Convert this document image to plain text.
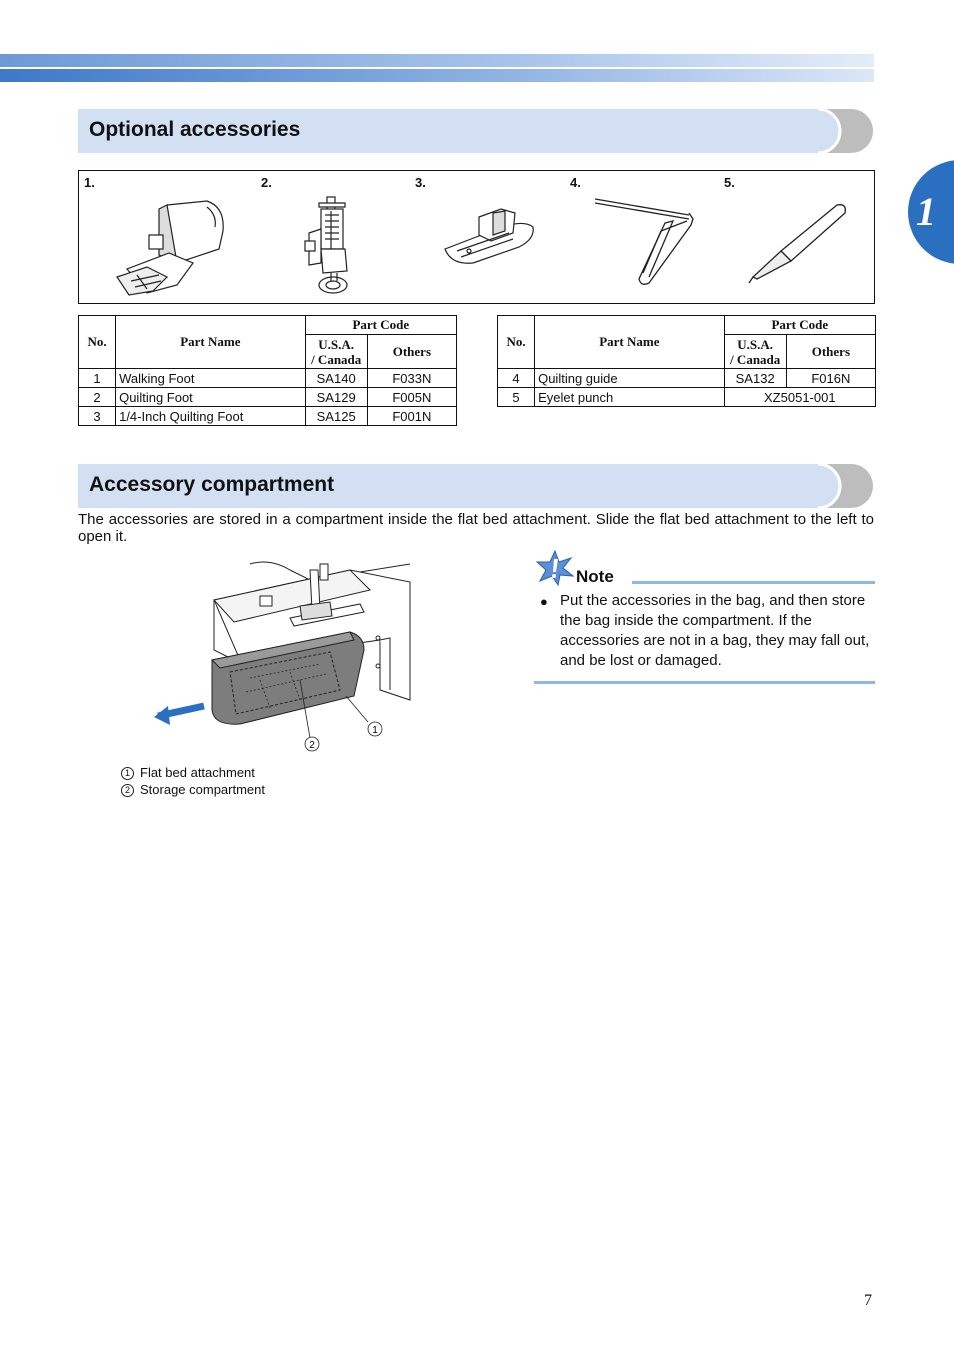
1
Optional accessories
1.	2.	3.	4.	5.
No.	Part Name	Part Code	
		U.S.A.
/ Canada	Others
1	Walking Foot	SA140	F033N
2	Quilting Foot	SA129	F005N
3	1/4-Inch Quilting Foot	SA125	F001N
No.	Part Name	Part Code	
		U.S.A.
/ Canada	Others
4	Quilting guide	SA132	F016N
5	Eyelet punch	XZ5051-001	
Accessory compartment

The accessories are stored in a compartment inside the flat bed attachment. Slide the flat bed attachment to the left to open it.

1
2
1 Flat bed attachment
2 Storage compartment
Note
● Put the accessories in the bag, and then store the bag inside the compartment. If the accessories are not in a bag, they may fall out, and be lost or damaged.
7
